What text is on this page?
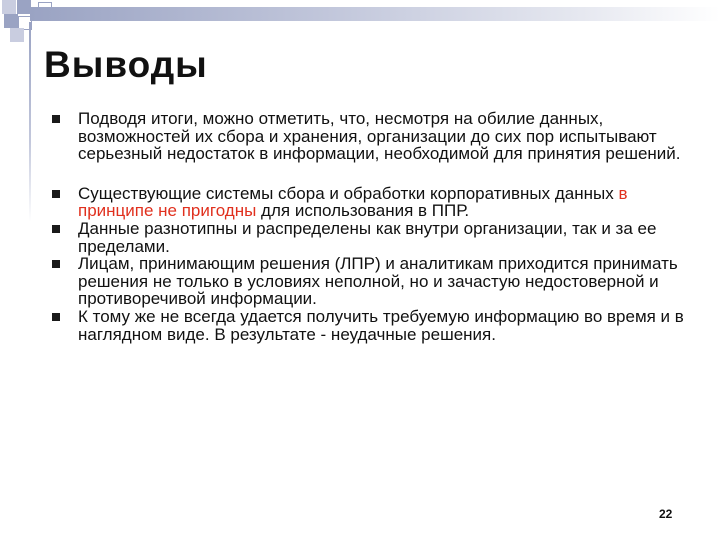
Выводы
Подводя итоги, можно отметить, что, несмотря на обилие данных, возможностей их сбора и хранения, организации до сих пор испытывают серьезный недостаток в информации, необходимой для принятия решений.
Существующие системы сбора и обработки корпоративных данных в принципе не пригодны для использования в ППР.
Данные разнотипны и распределены как внутри организации, так и за ее пределами.
Лицам, принимающим решения (ЛПР) и аналитикам приходится принимать решения не только в условиях неполной, но и зачастую недостоверной и противоречивой информации.
К тому же не всегда удается получить требуемую информацию во время и в наглядном виде. В результате - неудачные решения.
22
